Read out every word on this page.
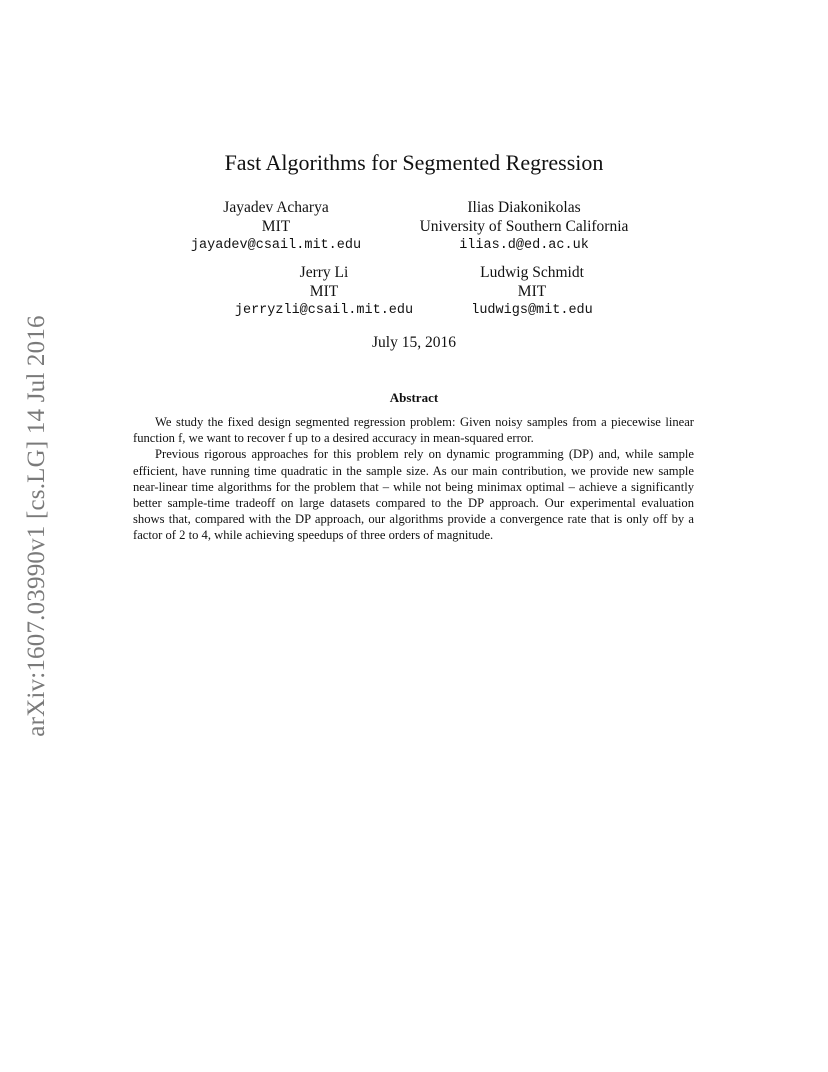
arXiv:1607.03990v1 [cs.LG] 14 Jul 2016
Fast Algorithms for Segmented Regression
Jayadev Acharya
MIT
jayadev@csail.mit.edu
Ilias Diakonikolas
University of Southern California
ilias.d@ed.ac.uk
Jerry Li
MIT
jerryzli@csail.mit.edu
Ludwig Schmidt
MIT
ludwigs@mit.edu
July 15, 2016
Abstract

We study the fixed design segmented regression problem: Given noisy samples from a piecewise linear function f, we want to recover f up to a desired accuracy in mean-squared error.

Previous rigorous approaches for this problem rely on dynamic programming (DP) and, while sample efficient, have running time quadratic in the sample size. As our main contribution, we provide new sample near-linear time algorithms for the problem that – while not being minimax optimal – achieve a significantly better sample-time tradeoff on large datasets compared to the DP approach. Our experimental evaluation shows that, compared with the DP approach, our algorithms provide a convergence rate that is only off by a factor of 2 to 4, while achieving speedups of three orders of magnitude.
